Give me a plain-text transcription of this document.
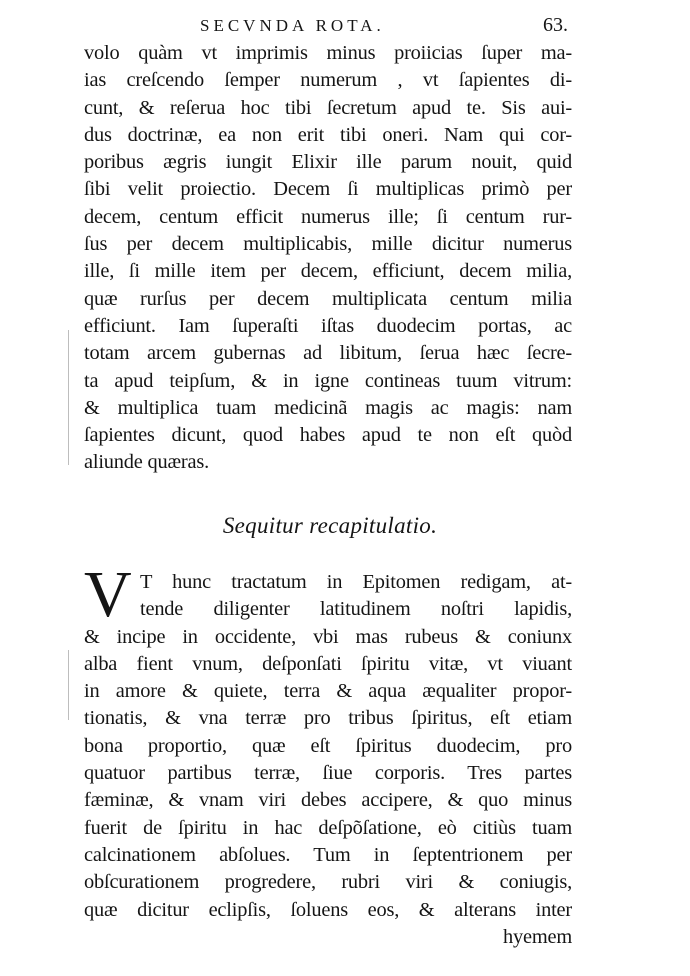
SECVNDA ROTA.	63.
volo quàm vt imprimis minus proiicias ſuper ma-
ias creſcendo ſemper numerum , vt ſapientes di-
cunt, & reſerua hoc tibi ſecretum apud te. Sis aui-
dus doctrinæ, ea non erit tibi oneri. Nam qui cor-
poribus ægris iungit Elixir ille parum nouit, quid
ſibi velit proiectio. Decem ſi multiplicas primò per
decem, centum efficit numerus ille; ſi centum rur-
ſus per decem multiplicabis, mille dicitur numerus
ille, ſi mille item per decem, efficiunt, decem milia,
quæ rurſus per decem multiplicata centum milia
efficiunt. Iam ſuperaſti iſtas duodecim portas, ac
totam arcem gubernas ad libitum, ſerua hæc ſecre-
ta apud teipſum, & in igne contineas tuum vitrum:
& multiplica tuam medicinã magis ac magis: nam
ſapientes dicunt, quod habes apud te non eſt quòd
aliunde quæras.
Sequitur recapitulatio.
V T hunc tractatum in Epitomen redigam, at-
tende diligenter latitudinem noſtri lapidis,
& incipe in occidente, vbi mas rubeus & coniunx
alba fient vnum, deſponſati ſpiritu vitæ, vt viuant
in amore & quiete, terra & aqua æqualiter propor-
tionatis, & vna terræ pro tribus ſpiritus, eſt etiam
bona proportio, quæ eſt ſpiritus duodecim, pro
quatuor partibus terræ, ſiue corporis. Tres partes
fæminæ, & vnam viri debes accipere, & quo minus
fuerit de ſpiritu in hac deſpõſatione, eò citiùs tuam
calcinationem abſolues. Tum in ſeptentrionem per
obſcurationem progredere, rubri viri & coniugis,
quæ dicitur eclipſis, ſoluens eos, & alterans inter
hyemem
